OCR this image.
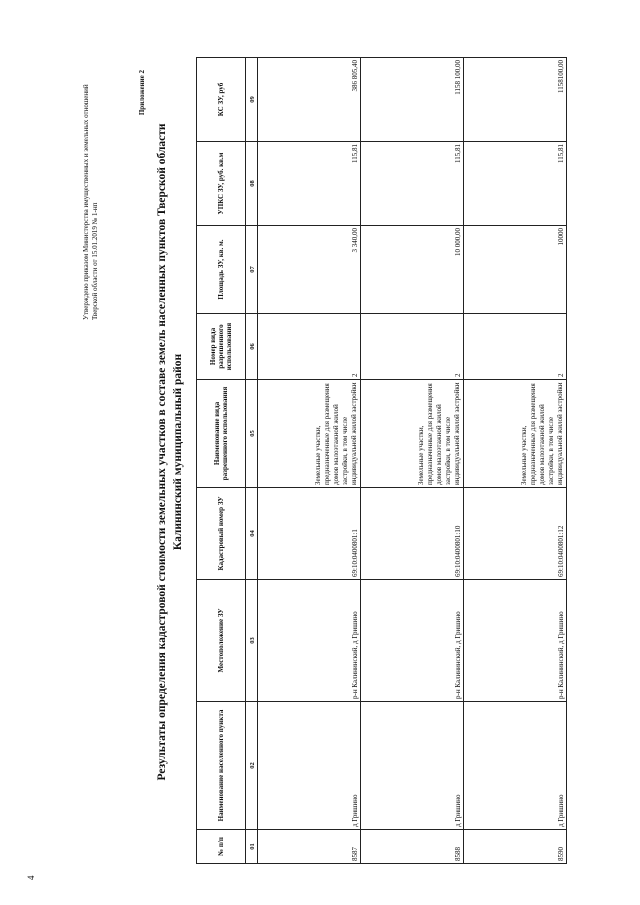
4
Утверждено приказом Министерства имущественных и земельных отношений Тверской области от 15.01.2019 № 1-нп
Приложение 2
Результаты определения кадастровой стоимости земельных участков в составе земель населенных пунктов Тверской области Калининский муниципальный район
№ п/п	Наименование населенного пункта	Местоположение ЗУ	Кадастровый номер ЗУ	Наименование вида разрешенного использования	Номер вида разрешенного использования	Площадь ЗУ, кв. м.	УПКС ЗУ, руб. кв.м	КС ЗУ, руб
01	02	03	04	05	06	07	08	09
8587	д Гришино	р-н Калининский, д Гришино	69:10:0400801:1	Земельные участки, предназначенные для размещения домов малоэтажной жилой застройки, в том числе индивидуальной жилой застройки	2	3 340,00	115,81	386 805,40
8588	д Гришино	р-н Калининский, д Гришино	69:10:0400801:10	Земельные участки, предназначенные для размещения домов малоэтажной жилой застройки, в том числе индивидуальной жилой застройки	2	10 000,00	115,81	1158 100,00
8590	д Гришино	р-н Калининский, д Гришино	69:10:0400801:12	Земельные участки, предназначенные для размещения домов малоэтажной жилой застройки, в том числе индивидуальной жилой застройки	2	10000	115,81	1158100,00
